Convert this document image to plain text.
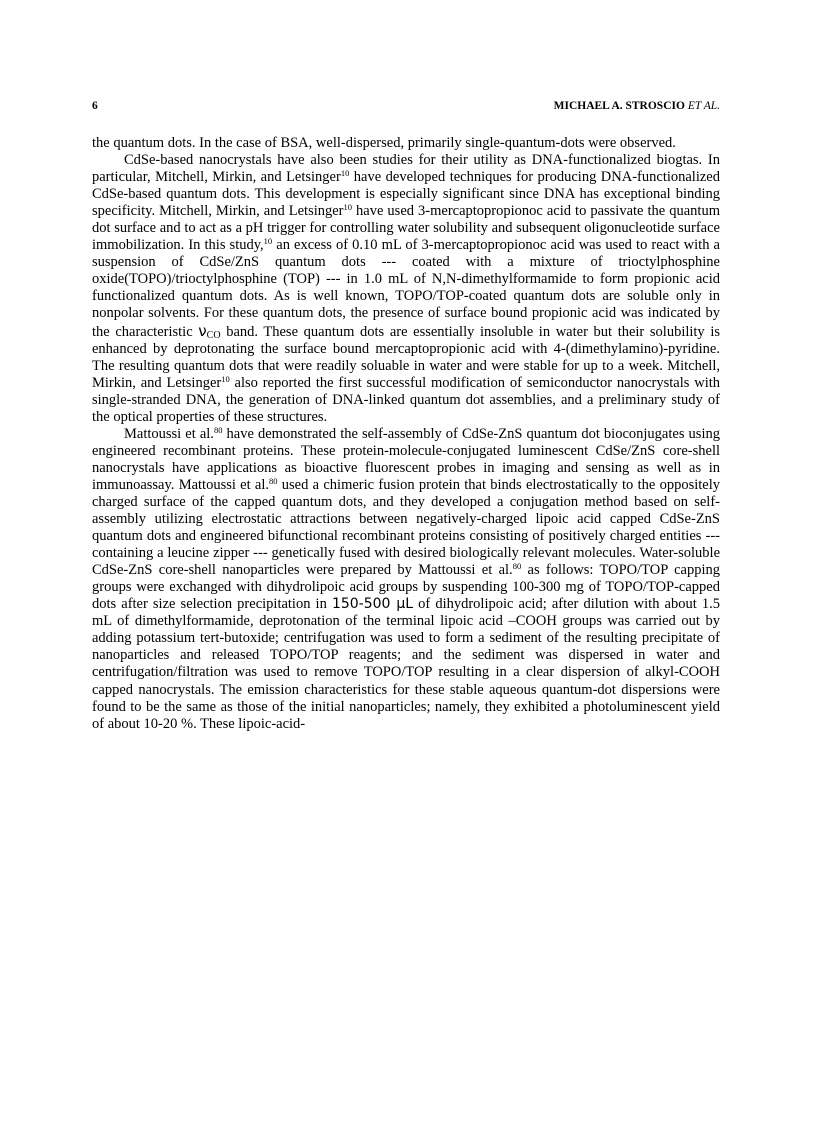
6	MICHAEL A. STROSCIO ET AL.

the quantum dots. In the case of BSA, well-dispersed, primarily single-quantum-dots were observed.

CdSe-based nanocrystals have also been studies for their utility as DNA-functionalized biogtas. In particular, Mitchell, Mirkin, and Letsinger$^{10}$ have developed techniques for producing DNA-functionalized CdSe-based quantum dots. This development is especially significant since DNA has exceptional binding specificity. Mitchell, Mirkin, and Letsinger$^{10}$ have used 3-mercaptopropionoc acid to passivate the quantum dot surface and to act as a pH trigger for controlling water solubility and subsequent oligonucleotide surface immobilization. In this study,$^{10}$ an excess of 0.10 mL of 3-mercaptopropionoc acid was used to react with a suspension of CdSe/ZnS quantum dots --- coated with a mixture of trioctylphosphine oxide(TOPO)/trioctylphosphine (TOP) --- in 1.0 mL of N,N-dimethylformamide to form propionic acid functionalized quantum dots. As is well known, TOPO/TOP-coated quantum dots are soluble only in nonpolar solvents. For these quantum dots, the presence of surface bound propionic acid was indicated by the characteristic $\nu_{CO}$ band. These quantum dots are essentially insoluble in water but their solubility is enhanced by deprotonating the surface bound mercaptopropionic acid with 4-(dimethylamino)-pyridine. The resulting quantum dots that were readily soluable in water and were stable for up to a week. Mitchell, Mirkin, and Letsinger$^{10}$ also reported the first successful modification of semiconductor nanocrystals with single-stranded DNA, the generation of DNA-linked quantum dot assemblies, and a preliminary study of the optical properties of these structures.

Mattoussi et al.$^{80}$ have demonstrated the self-assembly of CdSe-ZnS quantum dot bioconjugates using engineered recombinant proteins. These protein-molecule-conjugated luminescent CdSe/ZnS core-shell nanocrystals have applications as bioactive fluorescent probes in imaging and sensing as well as in immunoassay. Mattoussi et al.$^{80}$ used a chimeric fusion protein that binds electrostatically to the oppositely charged surface of the capped quantum dots, and they developed a conjugation method based on self-assembly utilizing electrostatic attractions between negatively-charged lipoic acid capped CdSe-ZnS quantum dots and engineered bifunctional recombinant proteins consisting of positively charged entities --- containing a leucine zipper --- genetically fused with desired biologically relevant molecules. Water-soluble CdSe-ZnS core-shell nanoparticles were prepared by Mattoussi et al.$^{80}$ as follows: TOPO/TOP capping groups were exchanged with dihydrolipoic acid groups by suspending 100-300 mg of TOPO/TOP-capped dots after size selection precipitation in 150-500 μL of dihydrolipoic acid; after dilution with about 1.5 mL of dimethylformamide, deprotonation of the terminal lipoic acid –COOH groups was carried out by adding potassium tert-butoxide; centrifugation was used to form a sediment of the resulting precipitate of nanoparticles and released TOPO/TOP reagents; and the sediment was dispersed in water and centrifugation/filtration was used to remove TOPO/TOP resulting in a clear dispersion of alkyl-COOH capped nanocrystals. The emission characteristics for these stable aqueous quantum-dot dispersions were found to be the same as those of the initial nanoparticles; namely, they exhibited a photoluminescent yield of about 10-20 %. These lipoic-acid-
